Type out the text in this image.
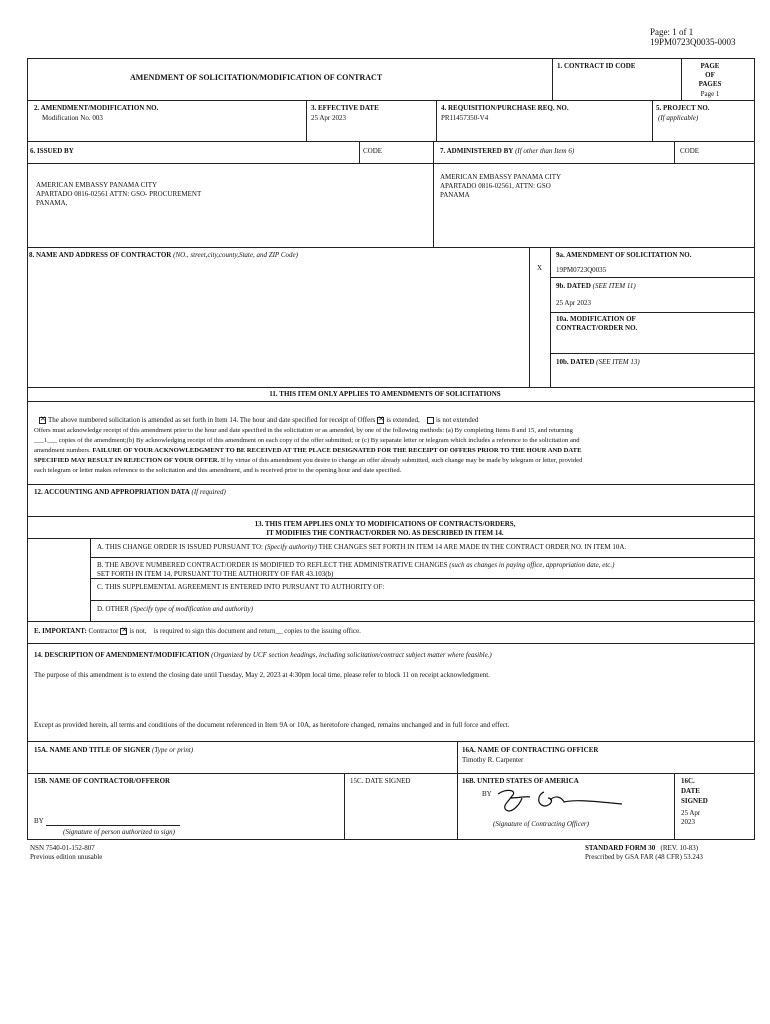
Page: 1 of 1
19PM0723Q0035-0003
AMENDMENT OF SOLICITATION/MODIFICATION OF CONTRACT
1. CONTRACT ID CODE	PAGE
OF
PAGES
Page 1
2. AMENDMENT/MODIFICATION NO.
Modification No. 003
3. EFFECTIVE DATE
25 Apr 2023
4. REQUISITION/PURCHASE REQ. NO.
PR11457350-V4
5. PROJECT NO.
(If applicable)
6. ISSUED BY	CODE
AMERICAN EMBASSY PANAMA CITY
APARTADO 0816-02561 ATTN: GSO- PROCUREMENT
PANAMA,
7. ADMINISTERED BY (If other than Item 6)	CODE
AMERICAN EMBASSY PANAMA CITY
APARTADO 0816-02561, ATTN: GSO
PANAMA
8. NAME AND ADDRESS OF CONTRACTOR (NO., street,city,county,State, and ZIP Code)
X
9a. AMENDMENT OF SOLICITATION NO.
19PM0723Q0035
9b. DATED (SEE ITEM 11)
25 Apr 2023
10a. MODIFICATION OF
CONTRACT/ORDER NO.
10b. DATED (SEE ITEM 13)
11. THIS ITEM ONLY APPLIES TO AMENDMENTS OF SOLICITATIONS
✕The above numbered solicitation is amended as set forth in Item 14. The hour and date specified for receipt of Offers ✕ is extended, is not extended
Offers must acknowledge receipt of this amendment prior to the hour and date specified in the solicitation or as amended, by one of the following methods: (a) By completing Items 8 and 15, and returning
___1___ copies of the amendment;(b) By acknowledging receipt of this amendment on each copy of the offer submitted; or (c) By separate letter or telegram which includes a reference to the solicitation and
amendment numbers. FAILURE OF YOUR ACKNOWLEDGMENT TO BE RECEIVED AT THE PLACE DESIGNATED FOR THE RECEIPT OF OFFERS PRIOR TO THE HOUR AND DATE
SPECIFIED MAY RESULT IN REJECTION OF YOUR OFFER. If by virtue of this amendment you desire to change an offer already submitted, such change may be made by telegram or letter, provided
each telegram or letter makes reference to the solicitation and this amendment, and is received prior to the opening hour and date specified.
12. ACCOUNTING AND APPROPRIATION DATA (If required)
13. THIS ITEM APPLIES ONLY TO MODIFICATIONS OF CONTRACTS/ORDERS,
IT MODIFIES THE CONTRACT/ORDER NO. AS DESCRIBED IN ITEM 14.
A. THIS CHANGE ORDER IS ISSUED PURSUANT TO: (Specify authority) THE CHANGES SET FORTH IN ITEM 14 ARE MADE IN THE CONTRACT ORDER NO. IN ITEM 10A.
B. THE ABOVE NUMBERED CONTRACT/ORDER IS MODIFIED TO REFLECT THE ADMINISTRATIVE CHANGES (such as changes in paying office, appropriation date, etc.)
SET FORTH IN ITEM 14, PURSUANT TO THE AUTHORITY OF FAR 43.103(b)
C. THIS SUPPLEMENTAL AGREEMENT IS ENTERED INTO PURSUANT TO AUTHORITY OF:
D. OTHER (Specify type of modification and authority)
E. IMPORTANT: Contractor ✕ is not, is required to sign this document and return__ copies to the issuing office.
14. DESCRIPTION OF AMENDMENT/MODIFICATION (Organized by UCF section headings, including solicitation/contract subject matter where feasible.)
The purpose of this amendment is to extend the closing date until Tuesday, May 2, 2023 at 4:30pm local time, please refer to block 11 on receipt acknowledgment.
Except as provided herein, all terms and conditions of the document referenced in Item 9A or 10A, as heretofore changed, remains unchanged and in full force and effect.
15A. NAME AND TITLE OF SIGNER (Type or print)	16A. NAME OF CONTRACTING OFFICER
Timothy R. Carpenter
15B. NAME OF CONTRACTOR/OFFEROR
BY
(Signature of person authorized to sign)
15C. DATE SIGNED	16B. UNITED STATES OF AMERICA
BY
(Signature of Contracting Officer)
16C.
DATE
SIGNED
25 Apr
2023
NSN 7540-01-152-807
Previous edition unusable
STANDARD FORM 30 (REV. 10-83)
Prescribed by GSA FAR (48 CFR) 53.243
